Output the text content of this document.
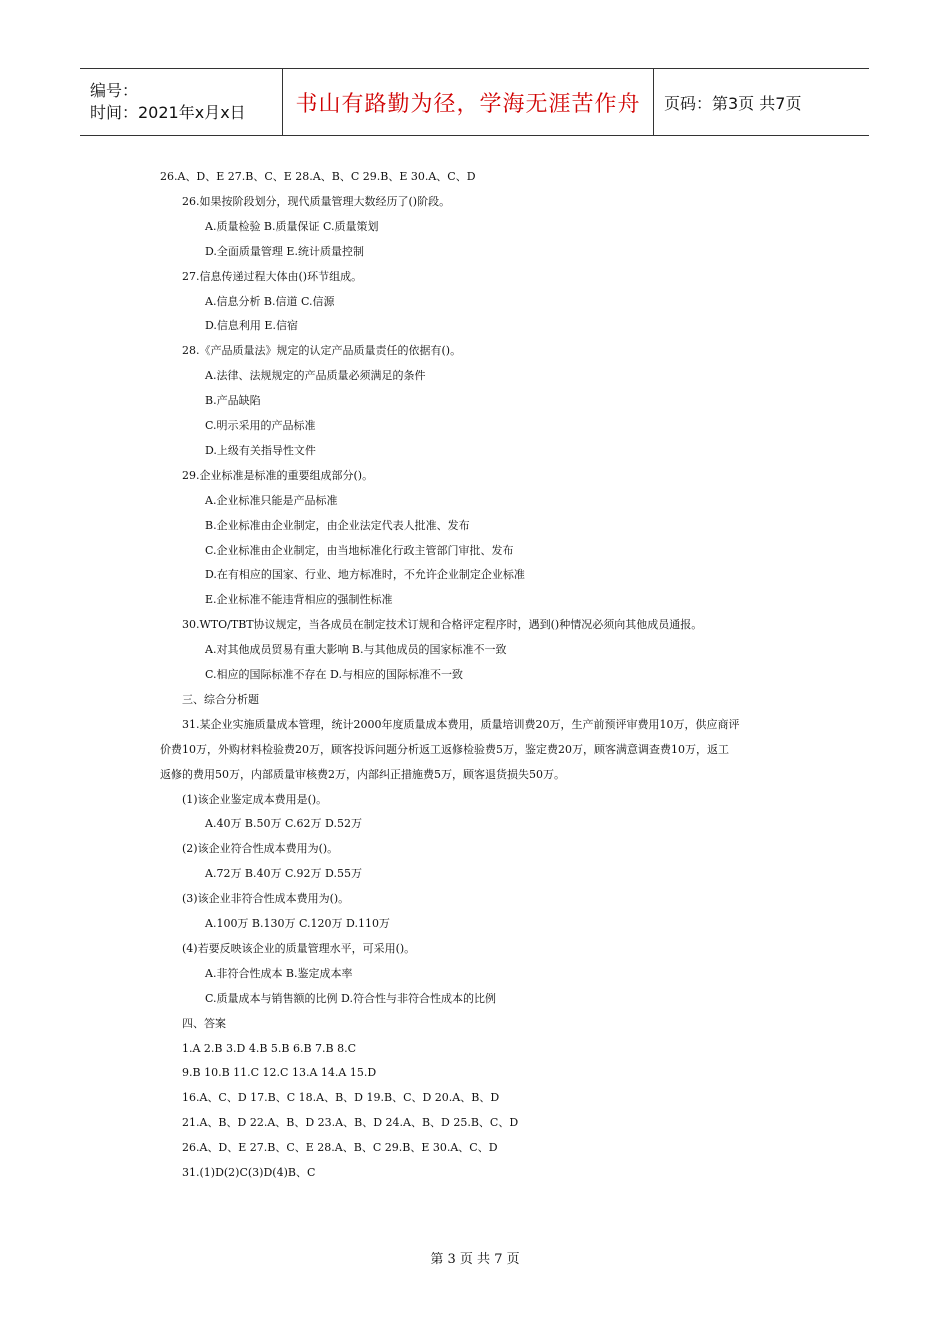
编号：
时间：2021年x月x日	书山有路勤为径，学海无涯苦作舟 页码：第3页 共7页
26.A、D、E 27.B、C、E 28.A、B、C 29.B、E 30.A、C、D
26.如果按阶段划分，现代质量管理大数经历了()阶段。
A.质量检验 B.质量保证 C.质量策划
D.全面质量管理 E.统计质量控制
27.信息传递过程大体由()环节组成。
A.信息分析 B.信道 C.信源
D.信息利用 E.信宿
28.《产品质量法》规定的认定产品质量责任的依据有()。
A.法律、法规规定的产品质量必须满足的条件
B.产品缺陷
C.明示采用的产品标准
D.上级有关指导性文件
29.企业标准是标准的重要组成部分()。
A.企业标准只能是产品标准
B.企业标准由企业制定，由企业法定代表人批准、发布
C.企业标准由企业制定，由当地标准化行政主管部门审批、发布
D.在有相应的国家、行业、地方标准时，不允许企业制定企业标准
E.企业标准不能违背相应的强制性标准
30.WTO/TBT协议规定，当各成员在制定技术订规和合格评定程序时，遇到()种情况必须向其他成员通报。
A.对其他成员贸易有重大影响 B.与其他成员的国家标准不一致
C.相应的国际标准不存在 D.与相应的国际标准不一致
三、综合分析题
31.某企业实施质量成本管理，统计2000年度质量成本费用，质量培训费20万，生产前预评审费用10万，供应商评
价费10万，外购材料检验费20万，顾客投诉问题分析返工返修检验费5万，鉴定费20万，顾客满意调查费10万，返工
返修的费用50万，内部质量审核费2万，内部纠正措施费5万，顾客退货损失50万。
(1)该企业鉴定成本费用是()。
A.40万 B.50万 C.62万 D.52万
(2)该企业符合性成本费用为()。
A.72万 B.40万 C.92万 D.55万
(3)该企业非符合性成本费用为()。
A.100万 B.130万 C.120万 D.110万
(4)若要反映该企业的质量管理水平，可采用()。
A.非符合性成本 B.鉴定成本率
C.质量成本与销售额的比例 D.符合性与非符合性成本的比例
四、答案
1.A 2.B 3.D 4.B 5.B 6.B 7.B 8.C
9.B 10.B 11.C 12.C 13.A 14.A 15.D
16.A、C、D 17.B、C 18.A、B、D 19.B、C、D 20.A、B、D
21.A、B、D 22.A、B、D 23.A、B、D 24.A、B、D 25.B、C、D
26.A、D、E 27.B、C、E 28.A、B、C 29.B、E 30.A、C、D
31.(1)D(2)C(3)D(4)B、C
第 3 页 共 7 页
